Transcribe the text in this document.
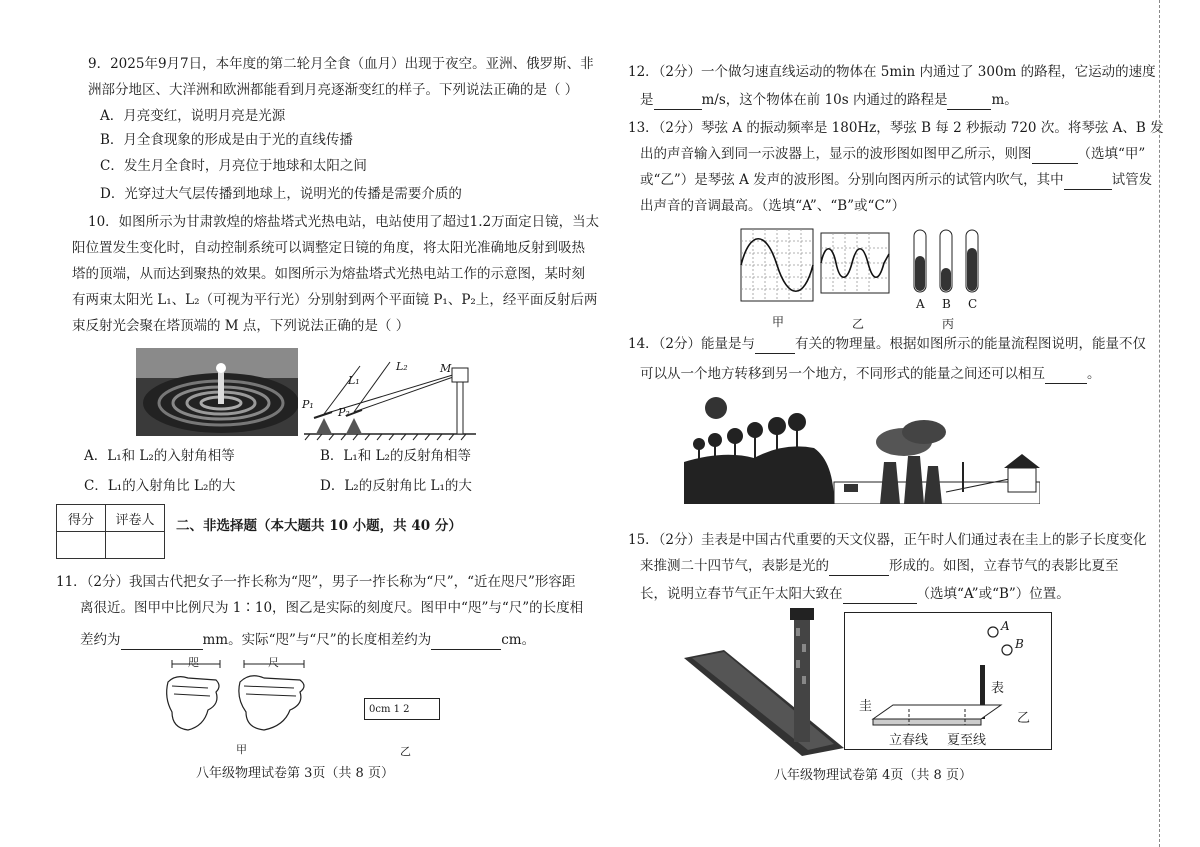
9．2025年9月7日，本年度的第二轮月全食（血月）出现于夜空。亚洲、俄罗斯、非
洲部分地区、大洋洲和欧洲都能看到月亮逐渐变红的样子。下列说法正确的是（ ）
A．月亮变红，说明月亮是光源
B．月全食现象的形成是由于光的直线传播
C．发生月全食时，月亮位于地球和太阳之间
D．光穿过大气层传播到地球上，说明光的传播是需要介质的
10．如图所示为甘肃敦煌的熔盐塔式光热电站，电站使用了超过1.2万面定日镜，当太
阳位置发生变化时，自动控制系统可以调整定日镜的角度，将太阳光准确地反射到吸热
塔的顶端，从而达到聚热的效果。如图所示为熔盐塔式光热电站工作的示意图，某时刻
有两束太阳光 L₁、L₂（可视为平行光）分别射到两个平面镜 P₁、P₂上，经平面反射后两
束反射光会聚在塔顶端的 M 点，下列说法正确的是（ ）
L₁
L₂	M
P₁
P₂
A．L₁和 L₂的入射角相等	B．L₁和 L₂的反射角相等
C．L₁的入射角比 L₂的大	D．L₂的反射角比 L₁的大
得分	评卷人
	二、非选择题（本大题共 10 小题，共 40 分）
11．（2分）我国古代把女子一拃长称为“咫”，男子一拃长称为“尺”，“近在咫尺”形容距
离很近。图甲中比例尺为 1∶10，图乙是实际的刻度尺。图甲中“咫”与“尺”的长度相
差约为	mm。实际“咫”与“尺”的长度相差约为	cm。
咫	尺
0cm 1 2
甲	乙
八年级物理试卷第 3页（共 8 页）
12．（2分）一个做匀速直线运动的物体在 5min 内通过了 300m 的路程，它运动的速度
是	m/s，这个物体在前 10s 内通过的路程是	m。
13．（2分）琴弦 A 的振动频率是 180Hz，琴弦 B 每 2 秒振动 720 次。将琴弦 A、B 发
出的声音输入到同一示波器上，显示的波形图如图甲乙所示，则图	（选填“甲”
或“乙”）是琴弦 A 发声的波形图。分别向图丙所示的试管内吹气，其中	试管发
出声音的音调最高。（选填“A”、“B”或“C”）
A B C
甲	乙	丙
14．（2分）能量是与	有关的物理量。根据如图所示的能量流程图说明，能量不仅
可以从一个地方转移到另一个地方，不同形式的能量之间还可以相互	。
15．（2分）圭表是中国古代重要的天文仪器，正午时人们通过表在圭上的影子长度变化
来推测二十四节气，表影是光的	形成的。如图，立春节气的表影比夏至
长，说明立春节气正午太阳大致在	（选填“A”或“B”）位置。
A
B
表
圭
乙
立春线 夏至线
八年级物理试卷第 4页（共 8 页）
